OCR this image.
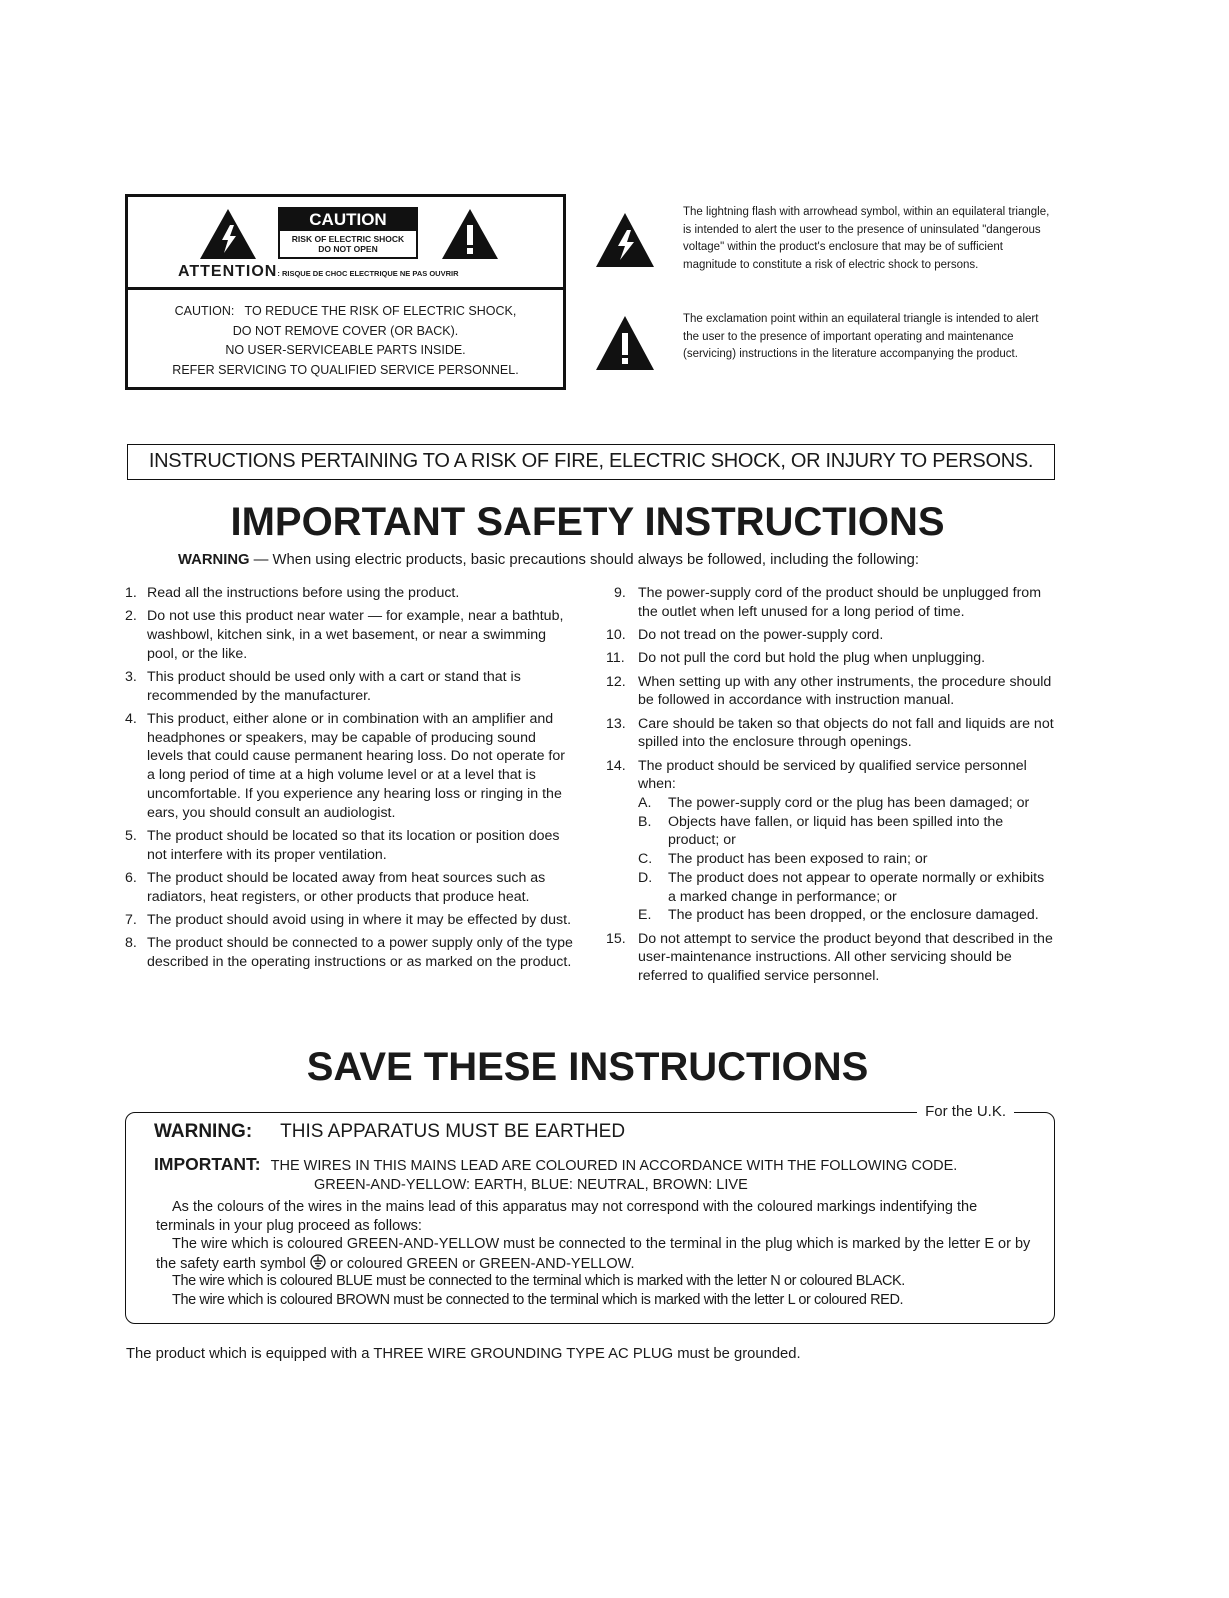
CAUTION
RISK OF ELECTRIC SHOCK
DO NOT OPEN
ATTENTION: RISQUE DE CHOC ELECTRIQUE NE PAS OUVRIR
CAUTION:   TO REDUCE THE RISK OF ELECTRIC SHOCK,
DO NOT REMOVE COVER (OR BACK).
NO USER-SERVICEABLE PARTS INSIDE.
REFER SERVICING TO QUALIFIED SERVICE PERSONNEL.
The lightning flash with arrowhead symbol, within an equilateral triangle, is intended to alert the user to the presence of uninsulated "dangerous voltage" within the product's enclosure that may be of sufficient magnitude to constitute a risk of electric shock to persons.
The exclamation point within an equilateral triangle is intended to alert the user to the presence of important operating and maintenance (servicing) instructions in the literature accompanying the product.
INSTRUCTIONS PERTAINING TO A RISK OF FIRE, ELECTRIC SHOCK, OR INJURY TO PERSONS.
IMPORTANT SAFETY INSTRUCTIONS
WARNING — When using electric products, basic precautions should always be followed, including the following:
1. Read all the instructions before using the product.
2. Do not use this product near water — for example, near a bathtub, washbowl, kitchen sink, in a wet basement, or near a swimming pool, or the like.
3. This product should be used only with a cart or stand that is recommended by the manufacturer.
4. This product, either alone or in combination with an amplifier and headphones or speakers, may be capable of producing sound levels that could cause permanent hearing loss. Do not operate for a long period of time at a high volume level or at a level that is uncomfortable. If you experience any hearing loss or ringing in the ears, you should consult an audiologist.
5. The product should be located so that its location or position does not interfere with its proper ventilation.
6. The product should be located away from heat sources such as radiators, heat registers, or other products that produce heat.
7. The product should avoid using in where it may be effected by dust.
8. The product should be connected to a power supply only of the type described in the operating instructions or as marked on the product.
9. The power-supply cord of the product should be unplugged from the outlet when left unused for a long period of time.
10. Do not tread on the power-supply cord.
11. Do not pull the cord but hold the plug when unplugging.
12. When setting up with any other instruments, the procedure should be followed in accordance with instruction manual.
13. Care should be taken so that objects do not fall and liquids are not spilled into the enclosure through openings.
14. The product should be serviced by qualified service personnel when:
A. The power-supply cord or the plug has been damaged; or
B. Objects have fallen, or liquid has been spilled into the product; or
C. The product has been exposed to rain; or
D. The product does not appear to operate normally or exhibits a marked change in performance; or
E. The product has been dropped, or the enclosure damaged.
15. Do not attempt to service the product beyond that described in the user-maintenance instructions. All other servicing should be referred to qualified service personnel.
SAVE THESE INSTRUCTIONS
For the U.K.
WARNING: THIS APPARATUS MUST BE EARTHED
IMPORTANT: THE WIRES IN THIS MAINS LEAD ARE COLOURED IN ACCORDANCE WITH THE FOLLOWING CODE.
GREEN-AND-YELLOW: EARTH, BLUE: NEUTRAL, BROWN: LIVE
As the colours of the wires in the mains lead of this apparatus may not correspond with the coloured markings indentifying the terminals in your plug proceed as follows:
The wire which is coloured GREEN-AND-YELLOW must be connected to the terminal in the plug which is marked by the letter E or by the safety earth symbol or coloured GREEN or GREEN-AND-YELLOW.
The wire which is coloured BLUE must be connected to the terminal which is marked with the letter N or coloured BLACK.
The wire which is coloured BROWN must be connected to the terminal which is marked with the letter L or coloured RED.
The product which is equipped with a THREE WIRE GROUNDING TYPE AC PLUG must be grounded.
